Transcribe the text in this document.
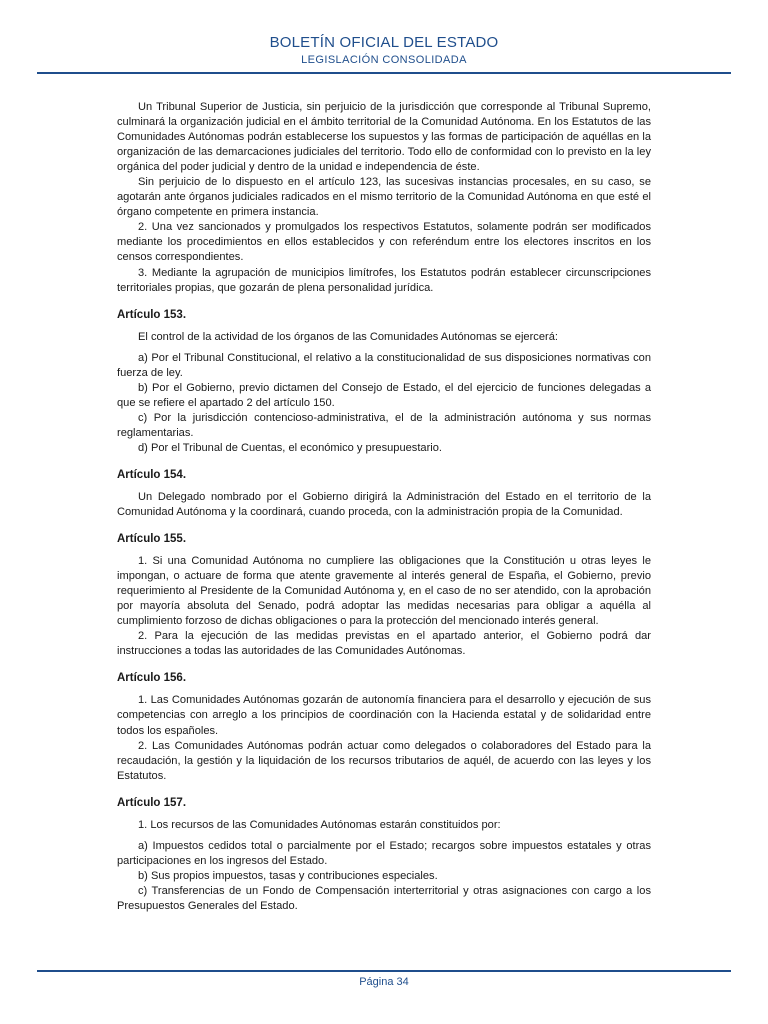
BOLETÍN OFICIAL DEL ESTADO
LEGISLACIÓN CONSOLIDADA

Un Tribunal Superior de Justicia, sin perjuicio de la jurisdicción que corresponde al Tribunal Supremo, culminará la organización judicial en el ámbito territorial de la Comunidad Autónoma. En los Estatutos de las Comunidades Autónomas podrán establecerse los supuestos y las formas de participación de aquéllas en la organización de las demarcaciones judiciales del territorio. Todo ello de conformidad con lo previsto en la ley orgánica del poder judicial y dentro de la unidad e independencia de éste.

Sin perjuicio de lo dispuesto en el artículo 123, las sucesivas instancias procesales, en su caso, se agotarán ante órganos judiciales radicados en el mismo territorio de la Comunidad Autónoma en que esté el órgano competente en primera instancia.

2. Una vez sancionados y promulgados los respectivos Estatutos, solamente podrán ser modificados mediante los procedimientos en ellos establecidos y con referéndum entre los electores inscritos en los censos correspondientes.

3. Mediante la agrupación de municipios limítrofes, los Estatutos podrán establecer circunscripciones territoriales propias, que gozarán de plena personalidad jurídica.

Artículo 153.

El control de la actividad de los órganos de las Comunidades Autónomas se ejercerá:

a) Por el Tribunal Constitucional, el relativo a la constitucionalidad de sus disposiciones normativas con fuerza de ley.

b) Por el Gobierno, previo dictamen del Consejo de Estado, el del ejercicio de funciones delegadas a que se refiere el apartado 2 del artículo 150.

c) Por la jurisdicción contencioso-administrativa, el de la administración autónoma y sus normas reglamentarias.

d) Por el Tribunal de Cuentas, el económico y presupuestario.

Artículo 154.

Un Delegado nombrado por el Gobierno dirigirá la Administración del Estado en el territorio de la Comunidad Autónoma y la coordinará, cuando proceda, con la administración propia de la Comunidad.

Artículo 155.

1. Si una Comunidad Autónoma no cumpliere las obligaciones que la Constitución u otras leyes le impongan, o actuare de forma que atente gravemente al interés general de España, el Gobierno, previo requerimiento al Presidente de la Comunidad Autónoma y, en el caso de no ser atendido, con la aprobación por mayoría absoluta del Senado, podrá adoptar las medidas necesarias para obligar a aquélla al cumplimiento forzoso de dichas obligaciones o para la protección del mencionado interés general.

2. Para la ejecución de las medidas previstas en el apartado anterior, el Gobierno podrá dar instrucciones a todas las autoridades de las Comunidades Autónomas.

Artículo 156.

1. Las Comunidades Autónomas gozarán de autonomía financiera para el desarrollo y ejecución de sus competencias con arreglo a los principios de coordinación con la Hacienda estatal y de solidaridad entre todos los españoles.

2. Las Comunidades Autónomas podrán actuar como delegados o colaboradores del Estado para la recaudación, la gestión y la liquidación de los recursos tributarios de aquél, de acuerdo con las leyes y los Estatutos.

Artículo 157.

1. Los recursos de las Comunidades Autónomas estarán constituidos por:

a) Impuestos cedidos total o parcialmente por el Estado; recargos sobre impuestos estatales y otras participaciones en los ingresos del Estado.

b) Sus propios impuestos, tasas y contribuciones especiales.

c) Transferencias de un Fondo de Compensación interterritorial y otras asignaciones con cargo a los Presupuestos Generales del Estado.

Página 34
